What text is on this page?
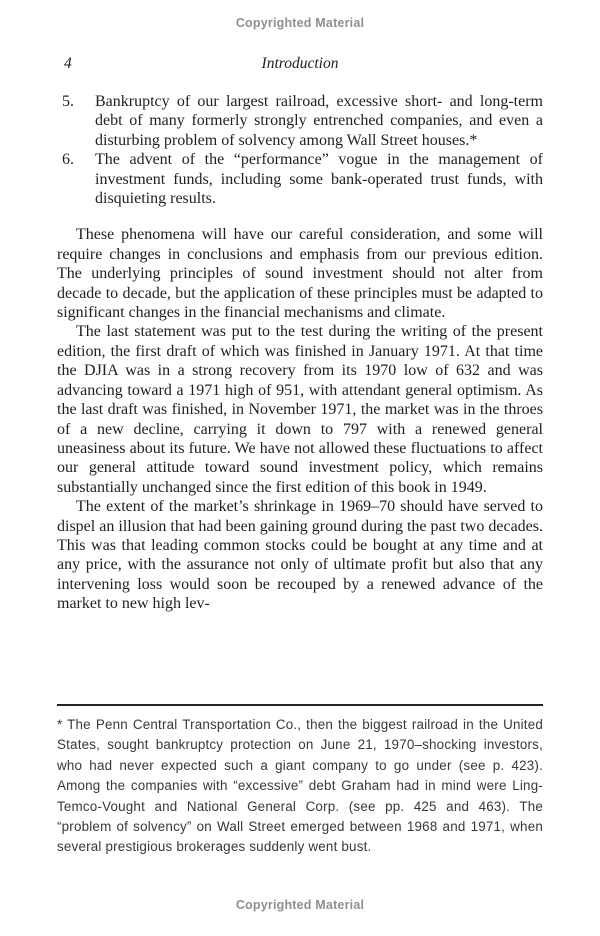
Copyrighted Material
4	Introduction
5.	Bankruptcy of our largest railroad, excessive short- and long-term debt of many formerly strongly entrenched companies, and even a disturbing problem of solvency among Wall Street houses.*
6.	The advent of the “performance” vogue in the management of investment funds, including some bank-operated trust funds, with disquieting results.

These phenomena will have our careful consideration, and some will require changes in conclusions and emphasis from our previous edition. The underlying principles of sound investment should not alter from decade to decade, but the application of these principles must be adapted to significant changes in the financial mechanisms and climate.

The last statement was put to the test during the writing of the present edition, the first draft of which was finished in January 1971. At that time the DJIA was in a strong recovery from its 1970 low of 632 and was advancing toward a 1971 high of 951, with attendant general optimism. As the last draft was finished, in November 1971, the market was in the throes of a new decline, carrying it down to 797 with a renewed general uneasiness about its future. We have not allowed these fluctuations to affect our general attitude toward sound investment policy, which remains substantially unchanged since the first edition of this book in 1949.

The extent of the market’s shrinkage in 1969–70 should have served to dispel an illusion that had been gaining ground during the past two decades. This was that leading common stocks could be bought at any time and at any price, with the assurance not only of ultimate profit but also that any intervening loss would soon be recouped by a renewed advance of the market to new high lev-

* The Penn Central Transportation Co., then the biggest railroad in the United States, sought bankruptcy protection on June 21, 1970–shocking investors, who had never expected such a giant company to go under (see p. 423). Among the companies with “excessive” debt Graham had in mind were Ling-Temco-Vought and National General Corp. (see pp. 425 and 463). The “problem of solvency” on Wall Street emerged between 1968 and 1971, when several prestigious brokerages suddenly went bust.

Copyrighted Material
